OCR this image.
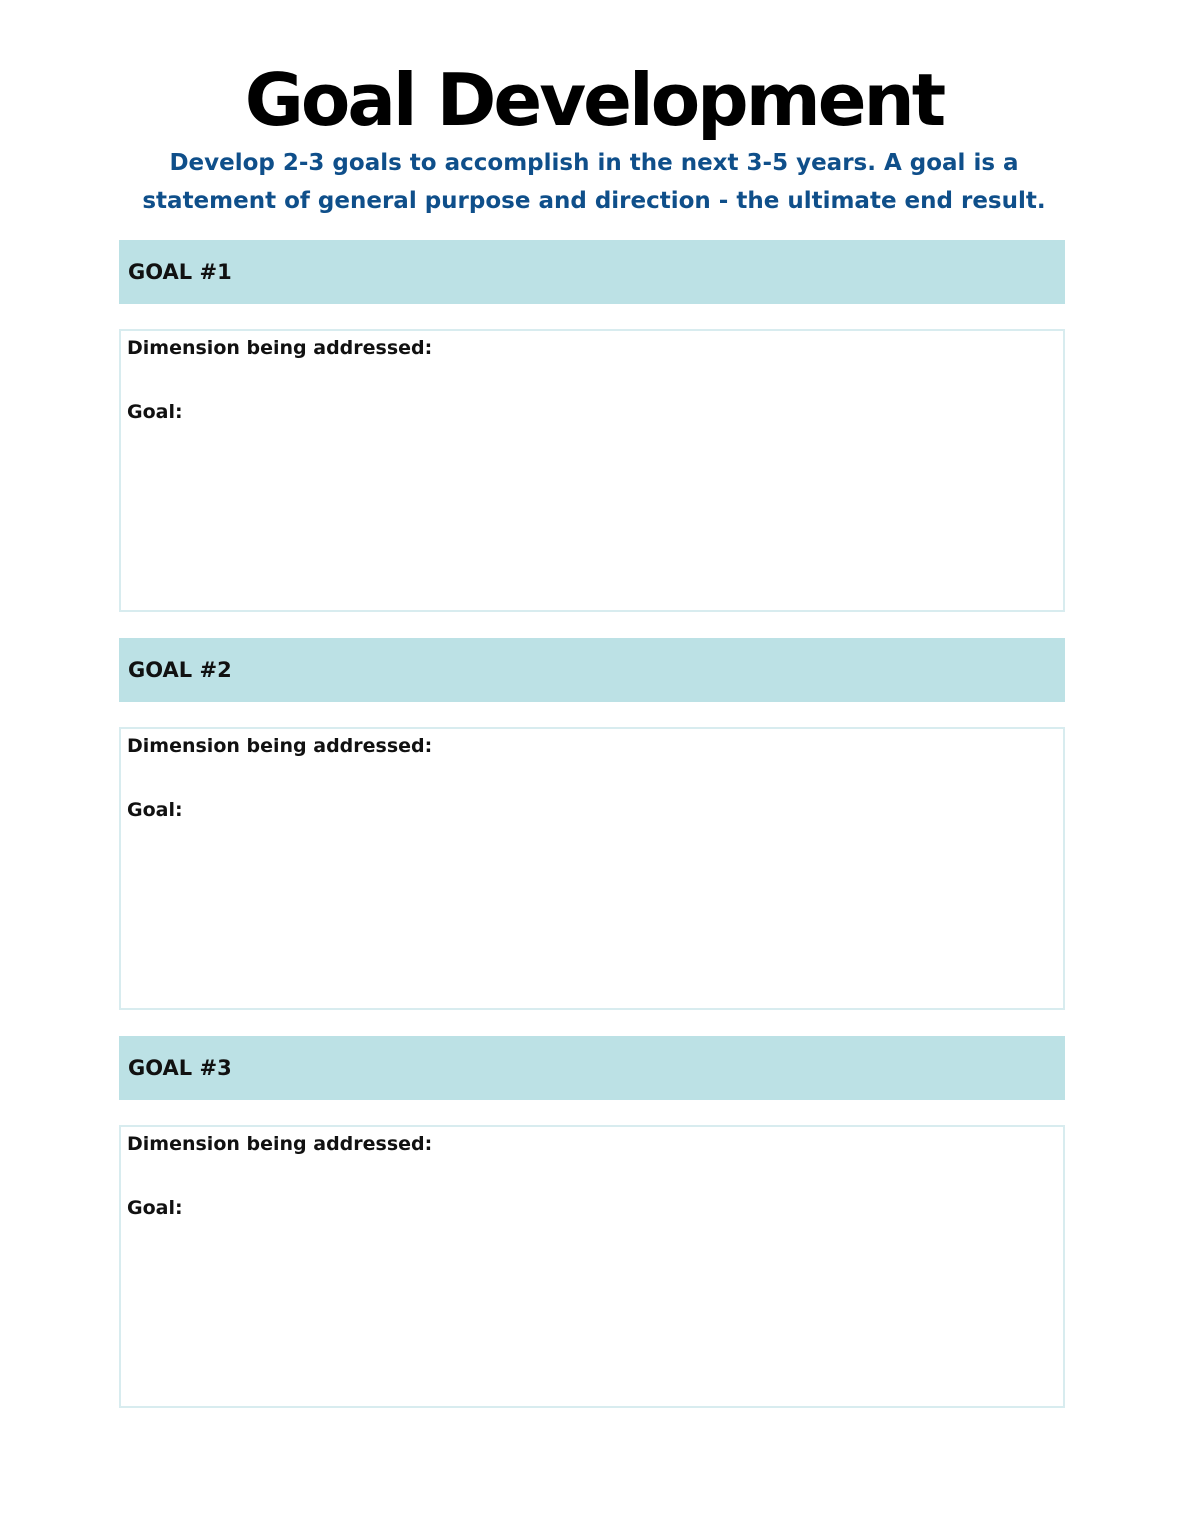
Goal Development

Develop 2-3 goals to accomplish in the next 3-5 years. A goal is a statement of general purpose and direction - the ultimate end result.

GOAL #1
Dimension being addressed:
Goal:
GOAL #2
Dimension being addressed:
Goal:
GOAL #3
Dimension being addressed:
Goal:
